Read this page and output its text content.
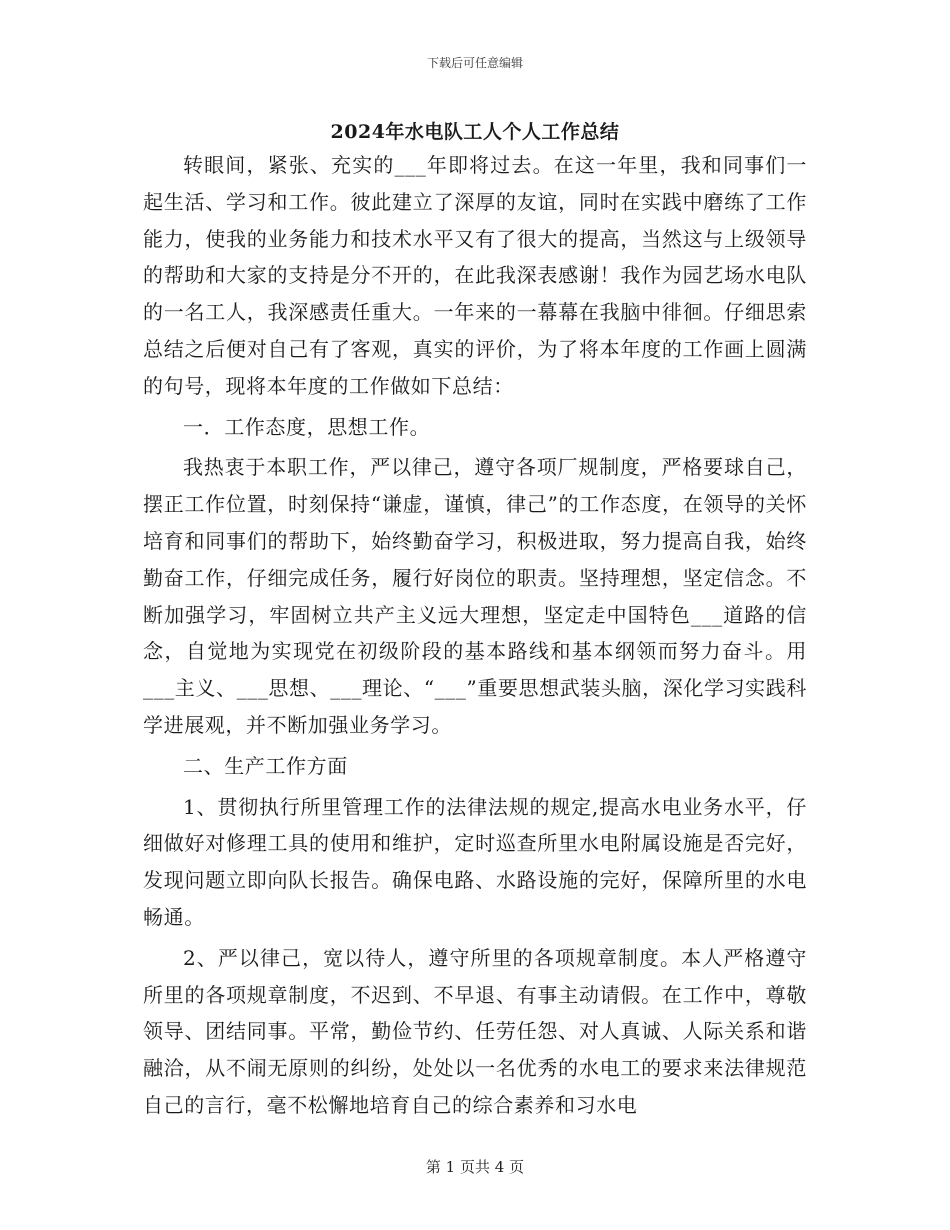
下载后可任意编辑
2024年水电队工人个人工作总结

转眼间，紧张、充实的___年即将过去。在这一年里，我和同事们一起生活、学习和工作。彼此建立了深厚的友谊，同时在实践中磨练了工作能力，使我的业务能力和技术水平又有了很大的提高，当然这与上级领导的帮助和大家的支持是分不开的，在此我深表感谢！我作为园艺场水电队的一名工人，我深感责任重大。一年来的一幕幕在我脑中徘徊。仔细思索总结之后便对自己有了客观，真实的评价，为了将本年度的工作画上圆满的句号，现将本年度的工作做如下总结：

一．工作态度，思想工作。

我热衷于本职工作，严以律己，遵守各项厂规制度，严格要球自己，摆正工作位置，时刻保持“谦虚，谨慎，律己”的工作态度，在领导的关怀培育和同事们的帮助下，始终勤奋学习，积极进取，努力提高自我，始终勤奋工作，仔细完成任务，履行好岗位的职责。坚持理想，坚定信念。不断加强学习，牢固树立共产主义远大理想，坚定走中国特色___道路的信念，自觉地为实现党在初级阶段的基本路线和基本纲领而努力奋斗。用___主义、___思想、___理论、“___”重要思想武装头脑，深化学习实践科学进展观，并不断加强业务学习。

二、生产工作方面

1、贯彻执行所里管理工作的法律法规的规定,提高水电业务水平，仔细做好对修理工具的使用和维护，定时巡查所里水电附属设施是否完好，发现问题立即向队长报告。确保电路、水路设施的完好，保障所里的水电畅通。

2、严以律己，宽以待人，遵守所里的各项规章制度。本人严格遵守所里的各项规章制度，不迟到、不早退、有事主动请假。在工作中，尊敬领导、团结同事。平常，勤俭节约、任劳任怨、对人真诚、人际关系和谐融洽，从不闹无原则的纠纷，处处以一名优秀的水电工的要求来法律规范自己的言行，毫不松懈地培育自己的综合素养和习水电

第 1 页共 4 页
